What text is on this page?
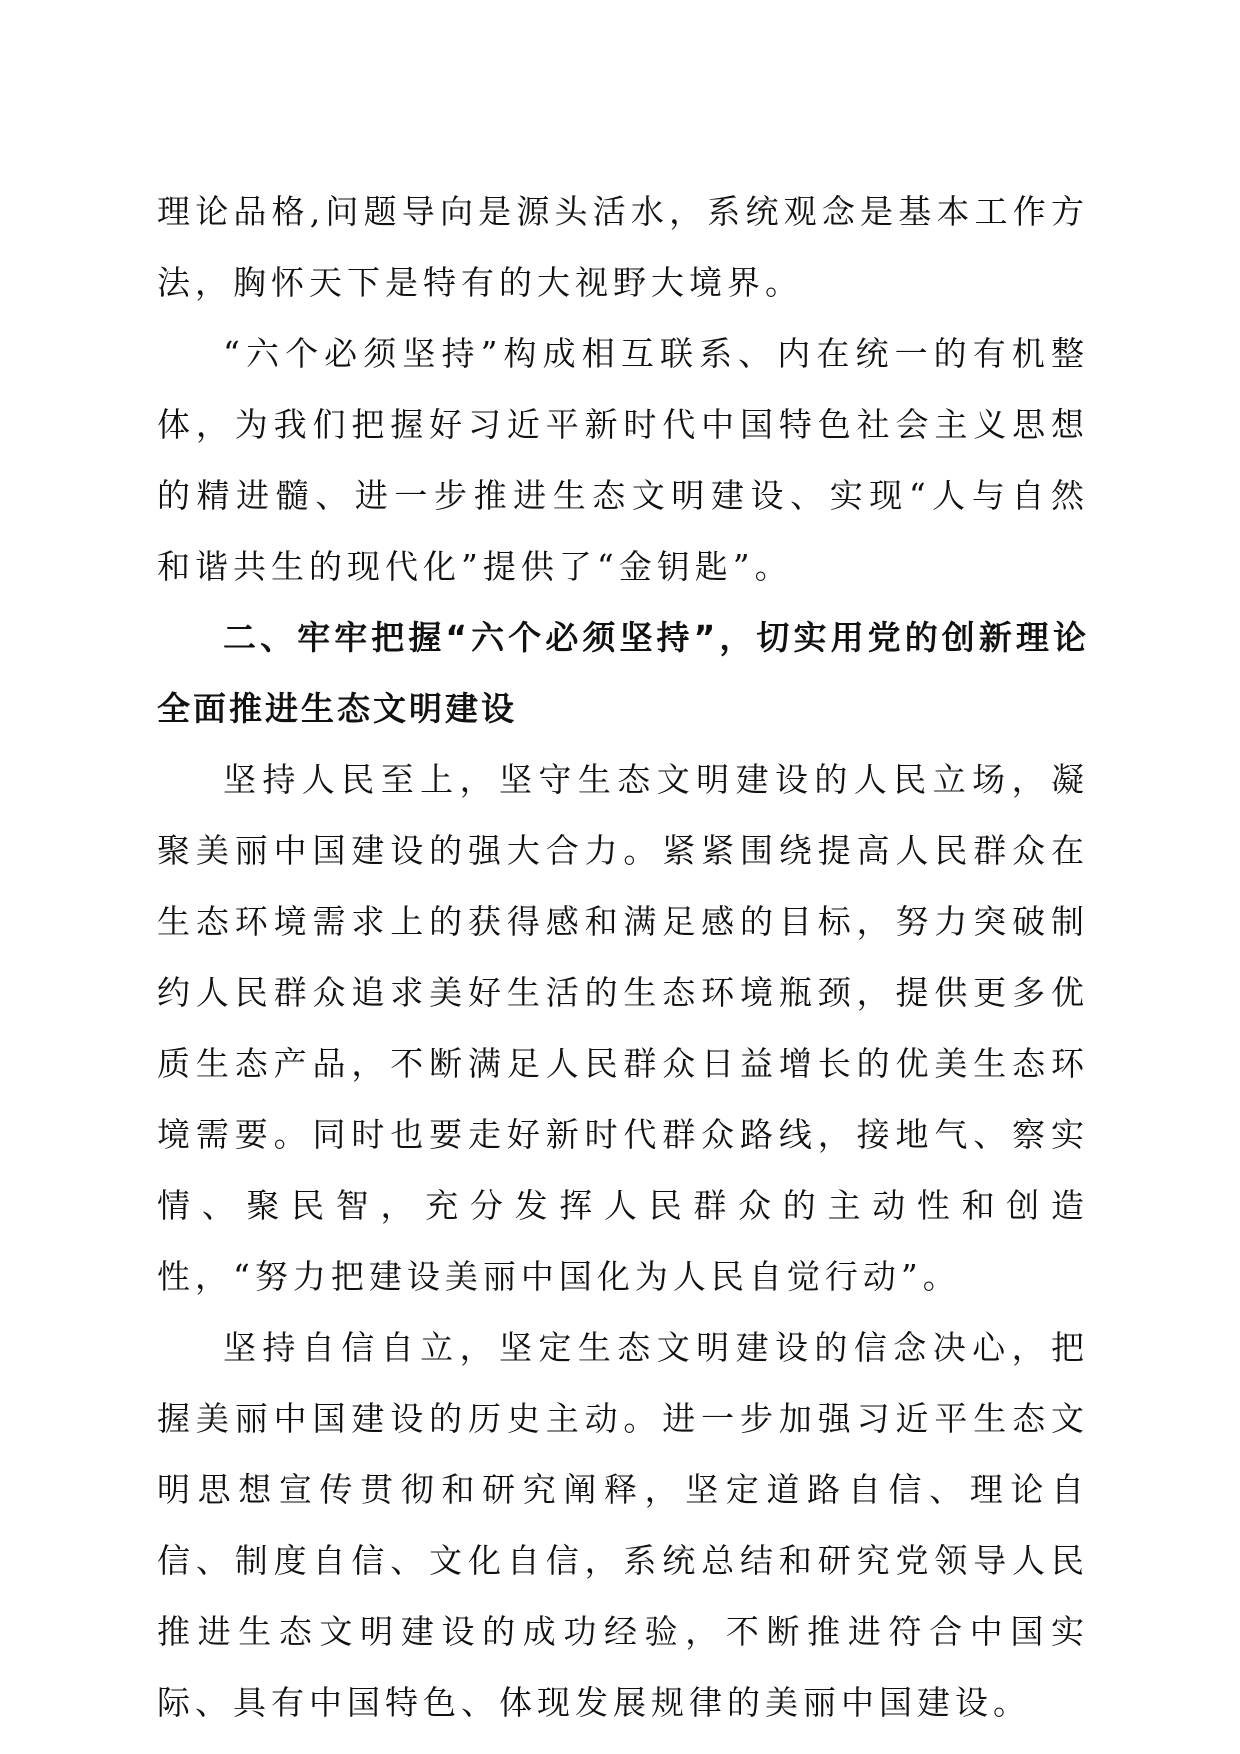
理论品格,问题导向是源头活水，系统观念是基本工作方法，胸怀天下是特有的大视野大境界。

“六个必须坚持”构成相互联系、内在统一的有机整体，为我们把握好习近平新时代中国特色社会主义思想的精进髓、进一步推进生态文明建设、实现“人与自然和谐共生的现代化”提供了“金钥匙”。

二、牢牢把握“六个必须坚持”，切实用党的创新理论全面推进生态文明建设

坚持人民至上，坚守生态文明建设的人民立场，凝聚美丽中国建设的强大合力。紧紧围绕提高人民群众在生态环境需求上的获得感和满足感的目标，努力突破制约人民群众追求美好生活的生态环境瓶颈，提供更多优质生态产品，不断满足人民群众日益增长的优美生态环境需要。同时也要走好新时代群众路线，接地气、察实情、聚民智，充分发挥人民群众的主动性和创造性，“努力把建设美丽中国化为人民自觉行动”。

坚持自信自立，坚定生态文明建设的信念决心，把握美丽中国建设的历史主动。进一步加强习近平生态文明思想宣传贯彻和研究阐释，坚定道路自信、理论自信、制度自信、文化自信，系统总结和研究党领导人民推进生态文明建设的成功经验，不断推进符合中国实际、具有中国特色、体现发展规律的美丽中国建设。
